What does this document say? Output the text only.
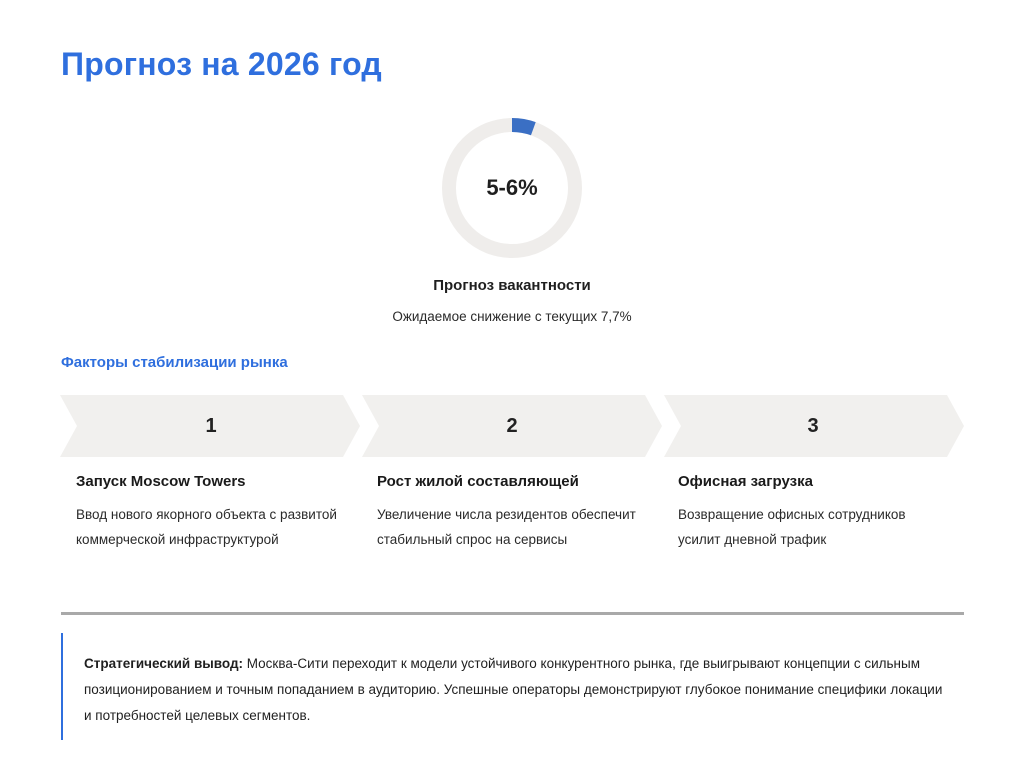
Прогноз на 2026 год
5-6%
Прогноз вакантности
Ожидаемое снижение с текущих 7,7%
Факторы стабилизации рынка
1	2	3
Запуск Moscow Towers
Ввод нового якорного объекта с развитой коммерческой инфраструктурой
Рост жилой составляющей
Увеличение числа резидентов обеспечит стабильный спрос на сервисы
Офисная загрузка
Возвращение офисных сотрудников усилит дневной трафик

Стратегический вывод: Москва-Сити переходит к модели устойчивого конкурентного рынка, где выигрывают концепции с сильным позиционированием и точным попаданием в аудиторию. Успешные операторы демонстрируют глубокое понимание специфики локации и потребностей целевых сегментов.
